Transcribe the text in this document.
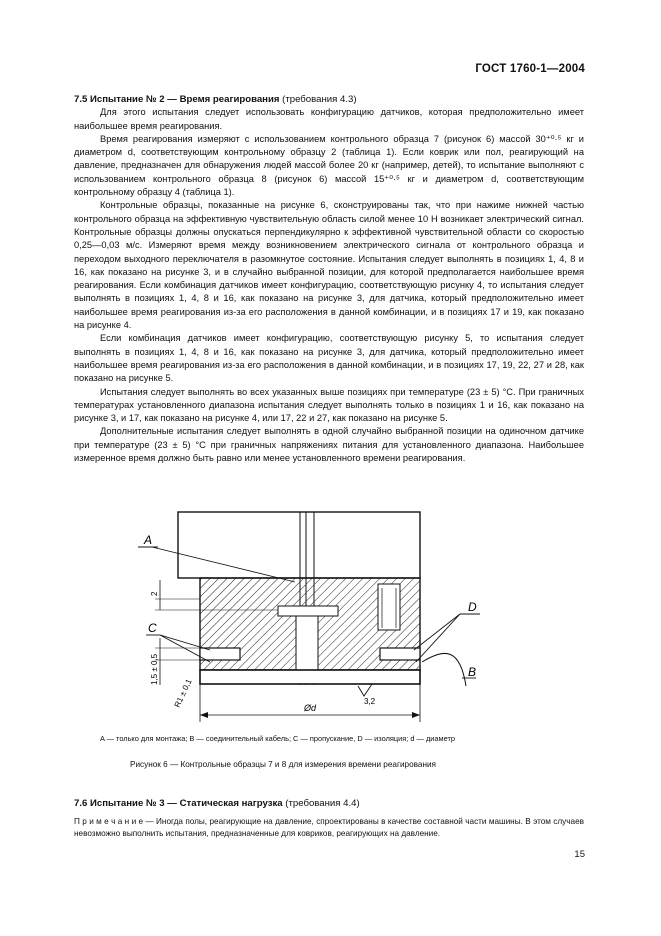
ГОСТ 1760-1—2004
7.5 Испытание № 2 — Время реагирования (требования 4.3)

Для этого испытания следует использовать конфигурацию датчиков, которая предположительно имеет наибольшее время реагирования.

Время реагирования измеряют с использованием контрольного образца 7 (рисунок 6) массой 30⁺⁰·⁵ кг и диаметром d, соответствующим контрольному образцу 2 (таблица 1). Если коврик или пол, реагирующий на давление, предназначен для обнаружения людей массой более 20 кг (например, детей), то испытание выполняют с использованием контрольного образца 8 (рисунок 6) массой 15⁺⁰·⁵ кг и диаметром d, соответствующим контрольному образцу 4 (таблица 1).

Контрольные образцы, показанные на рисунке 6, сконструированы так, что при нажиме нижней частью контрольного образца на эффективную чувствительную область силой менее 10 Н возникает электрический сигнал. Контрольные образцы должны опускаться перпендикулярно к эффективной чувствительной области со скоростью 0,25—0,03 м/с. Измеряют время между возникновением электрического сигнала от контрольного образца и переходом выходного переключателя в разомкнутое состояние. Испытания следует выполнять в позициях 1, 4, 8 и 16, как показано на рисунке 3, и в случайно выбранной позиции, для которой предполагается наибольшее время реагирования. Если комбинация датчиков имеет конфигурацию, соответствующую рисунку 4, то испытания следует выполнять в позициях 1, 4, 8 и 16, как показано на рисунке 3, для датчика, который предположительно имеет наибольшее время реагирования из-за его расположения в данной комбинации, и в позициях 17 и 19, как показано на рисунке 4.

Если комбинация датчиков имеет конфигурацию, соответствующую рисунку 5, то испытания следует выполнять в позициях 1, 4, 8 и 16, как показано на рисунке 3, для датчика, который предположительно имеет наибольшее время реагирования из-за его расположения в данной комбинации, и в позициях 17, 19, 22, 27 и 28, как показано на рисунке 5.

Испытания следует выполнять во всех указанных выше позициях при температуре (23 ± 5) °С. При граничных температурах установленного диапазона испытания следует выполнять только в позициях 1 и 16, как показано на рисунке 3, и 17, как показано на рисунке 4, или 17, 22 и 27, как показано на рисунке 5.

Дополнительные испытания следует выполнять в одной случайно выбранной позиции на одиночном датчике при температуре (23 ± 5) °С при граничных напряжениях питания для установленного диапазона. Наибольшее измеренное время должно быть равно или менее установленного времени реагирования.

Ød
2
1,5 ± 0,5
R1 ± 0,1	3,2
A
C
D
B
A — только для монтажа; B — соединительный кабель; C — пропускание, D — изоляция; d — диаметр
Рисунок 6 — Контрольные образцы 7 и 8 для измерения времени реагирования
7.6 Испытание № 3 — Статическая нагрузка (требования 4.4)
П р и м е ч а н и е — Иногда полы, реагирующие на давление, спроектированы в качестве составной части машины. В этом случаев невозможно выполнить испытания, предназначенные для ковриков, реагирующих на давление.
15
